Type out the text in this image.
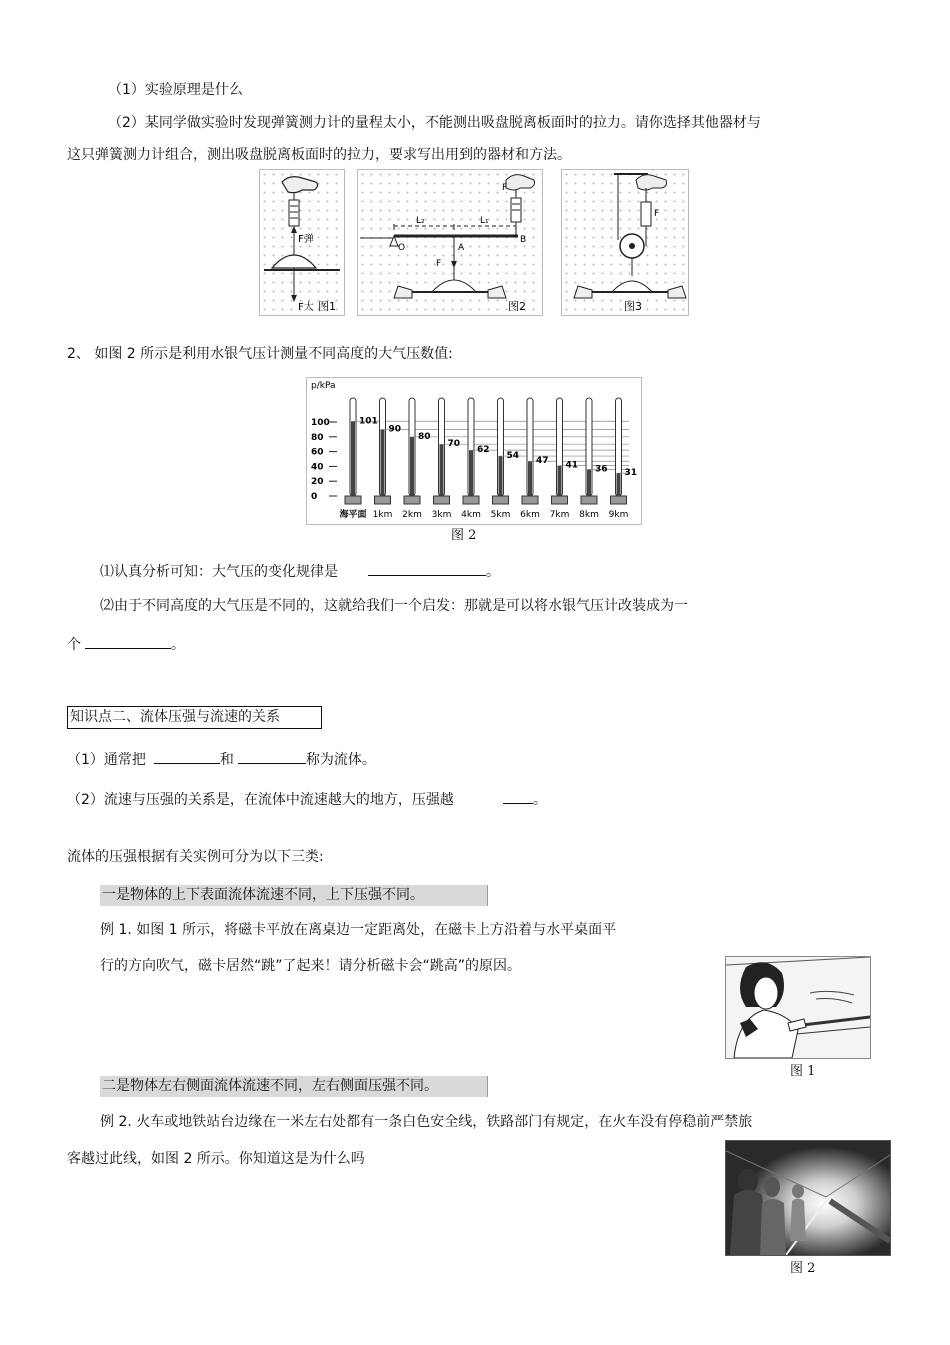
（1）实验原理是什么
（2）某同学做实验时发现弹簧测力计的量程太小，不能测出吸盘脱离板面时的拉力。请你选择其他器材与
这只弹簧测力计组合，测出吸盘脱离板面时的拉力，要求写出用到的器材和方法。
F弹
F大 图1
F
L₂	L₁
O	A
B
F
图2
F
图3
2、 如图 2 所示是利用水银气压计测量不同高度的大气压数值:
p/kPa
0
20
40
60
80
100	101
海平面
90
1km
80
2km
70
3km
62
4km
54
5km
47
6km
41
7km
36
8km
31
9km
图 2
⑴认真分析可知：大气压的变化规律是	。
⑵由于不同高度的大气压是不同的，这就给我们一个启发：那就是可以将水银气压计改装成为一
个	。
知识点二、流体压强与流速的关系
（1）通常把	和	称为流体。
（2）流速与压强的关系是，在流体中流速越大的地方，压强越	。
流体的压强根据有关实例可分为以下三类:
一是物体的上下表面流体流速不同，上下压强不同。
例 1. 如图 1 所示，将磁卡平放在离桌边一定距离处，在磁卡上方沿着与水平桌面平
行的方向吹气，磁卡居然“跳”了起来！请分析磁卡会“跳高”的原因。
图 1
二是物体左右侧面流体流速不同，左右侧面压强不同。
例 2. 火车或地铁站台边缘在一米左右处都有一条白色安全线，铁路部门有规定，在火车没有停稳前严禁旅
客越过此线，如图 2 所示。你知道这是为什么吗
图 2
